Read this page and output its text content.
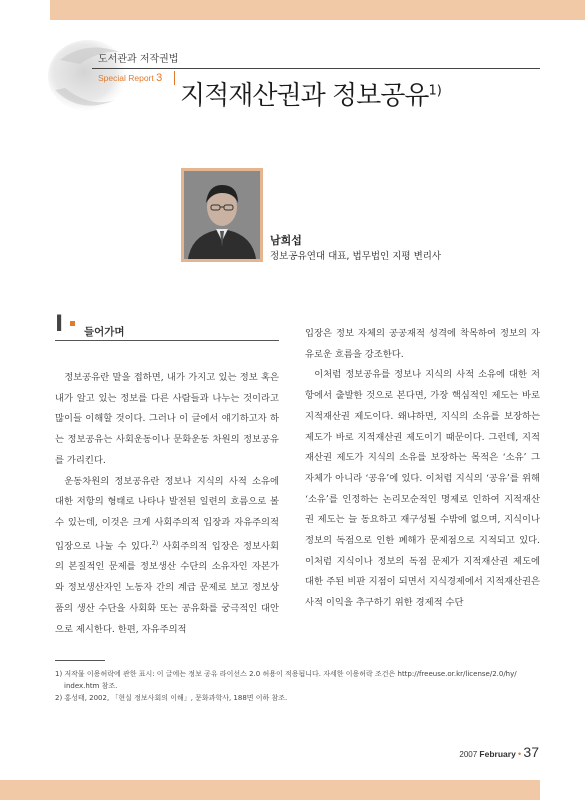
도서관과 저작권법
Special Report 3
지적재산권과 정보공유$^{1)}$
남희섭
정보공유연대 대표, 법무법인 지평 변리사
I	들어가며

정보공유란 말을 접하면, 내가 가지고 있는 정보 혹은 내가 알고 있는 정보를 다른 사람들과 나누는 것이라고 많이들 이해할 것이다. 그러나 이 글에서 얘기하고자 하는 정보공유는 사회운동이나 문화운동 차원의 정보공유를 가리킨다.

운동차원의 정보공유란 정보나 지식의 사적 소유에 대한 저항의 형태로 나타나 발전된 일련의 흐름으로 볼 수 있는데, 이것은 크게 사회주의적 입장과 자유주의적 입장으로 나눌 수 있다.$^{2)}$ 사회주의적 입장은 정보사회의 본질적인 문제를 정보생산 수단의 소유자인 자본가와 정보생산자인 노동자 간의 계급 문제로 보고 정보상품의 생산 수단을 사회화 또는 공유화를 궁극적인 대안으로 제시한다. 한편, 자유주의적

입장은 정보 자체의 공공재적 성격에 착목하여 정보의 자유로운 흐름을 강조한다.

이처럼 정보공유를 정보나 지식의 사적 소유에 대한 저항에서 출발한 것으로 본다면, 가장 핵심적인 제도는 바로 지적재산권 제도이다. 왜냐하면, 지식의 소유를 보장하는 제도가 바로 지적재산권 제도이기 때문이다. 그런데, 지적재산권 제도가 지식의 소유를 보장하는 목적은 ‘소유’ 그 자체가 아니라 ‘공유’에 있다. 이처럼 지식의 ‘공유’를 위해 ‘소유’를 인정하는 논리모순적인 명제로 인하여 지적재산권 제도는 늘 동요하고 재구성될 수밖에 없으며, 지식이나 정보의 독점으로 인한 폐해가 문제점으로 지적되고 있다. 이처럼 지식이나 정보의 독점 문제가 지적재산권 제도에 대한 주된 비판 지점이 되면서 지식경제에서 지적재산권은 사적 이익을 추구하기 위한 경제적 수단

1) 저작물 이용허락에 관한 표시: 이 글에는 정보 공유 라이선스 2.0 허용이 적용됩니다. 자세한 이용허락 조건은 http://freeuse.or.kr/license/2.0/hy/
index.htm 참조.
2) 홍성태, 2002, 「현실 정보사회의 이해」, 문화과학사, 188면 이하 참조.
2007 February • 37
